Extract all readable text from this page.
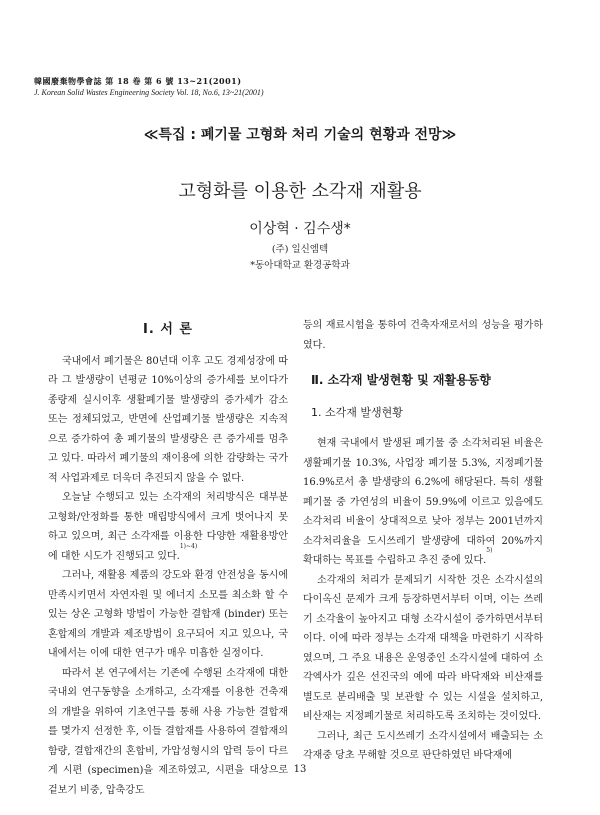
韓國廢棄物學會誌 第 18 卷 第 6 號 13~21(2001)
J. Korean Solid Wastes Engineering Society Vol. 18, No.6, 13~21(2001)
≪특집 : 폐기물 고형화 처리 기술의 현황과 전망≫
고형화를 이용한 소각재 재활용
이상혁 · 김수생*
(주) 일신엠텍
*동아대학교 환경공학과
Ⅰ. 서 론

국내에서 폐기물은 80년대 이후 고도 경제성장에 따라 그 발생량이 년평균 10%이상의 증가세를 보이다가 종량제 실시이후 생활폐기물 발생량의 증가세가 감소 또는 정체되었고, 반면에 산업폐기물 발생량은 지속적으로 증가하여 총 폐기물의 발생량은 큰 증가세를 멈추고 있다. 따라서 폐기물의 재이용에 의한 감량화는 국가적 사업과제로 더욱더 추진되지 않을 수 없다.

오늘날 수행되고 있는 소각재의 처리방식은 대부분 고형화/안정화를 통한 매립방식에서 크게 벗어나지 못하고 있으며, 최근 소각재를 이용한 다양한 재활용방안에 대한 시도가 진행되고 있다.$^{1)\sim 4)}$

그러나, 재활용 제품의 강도와 환경 안전성을 동시에 만족시키면서 자연자원 및 에너지 소모를 최소화 할 수 있는 상온 고형화 방법이 가능한 결합재 (binder) 또는 혼합제의 개발과 제조방법이 요구되어 지고 있으나, 국내에서는 이에 대한 연구가 매우 미흡한 실정이다.

따라서 본 연구에서는 기존에 수행된 소각재에 대한 국내외 연구동향을 소개하고, 소각재를 이용한 건축재의 개발을 위하여 기초연구를 통해 사용 가능한 결합재를 몇가지 선정한 후, 이들 결합재를 사용하여 결합재의 함량, 결합재간의 혼합비, 가압성형시의 압력 등이 다르게 시편 (specimen)을 제조하였고, 시편을 대상으로 겉보기 비중, 압축강도

등의 재료시험을 통하여 건축자재로서의 성능을 평가하였다.

Ⅱ. 소각재 발생현황 및 재활용동향
1. 소각재 발생현황

현재 국내에서 발생된 폐기물 중 소각처리된 비율은 생활폐기물 10.3%, 사업장 폐기물 5.3%, 지정폐기물 16.9%로서 총 발생량의 6.2%에 해당된다. 특히 생활폐기물 중 가연성의 비율이 59.9%에 이르고 있음에도 소각처리 비율이 상대적으로 낮아 정부는 2001년까지 소각처리율을 도시쓰레기 발생량에 대하여 20%까지 확대하는 목표를 수립하고 추진 중에 있다.$^{5)}$

소각재의 처리가 문제되기 시작한 것은 소각시설의 다이옥신 문제가 크게 등장하면서부터 이며, 이는 쓰레기 소각율이 높아지고 대형 소각시설이 증가하면서부터 이다. 이에 따라 정부는 소각재 대책을 마련하기 시작하였으며, 그 주요 내용은 운영중인 소각시설에 대하여 소각엑사가 깊은 선진국의 예에 따라 바닥재와 비산재를 별도로 분리배출 및 보관할 수 있는 시설을 설치하고, 비산재는 지정폐기물로 처리하도록 조치하는 것이었다.

그러나, 최근 도시쓰레기 소각시설에서 배출되는 소각재중 당초 무해할 것으로 판단하였던 바닥재에

13
